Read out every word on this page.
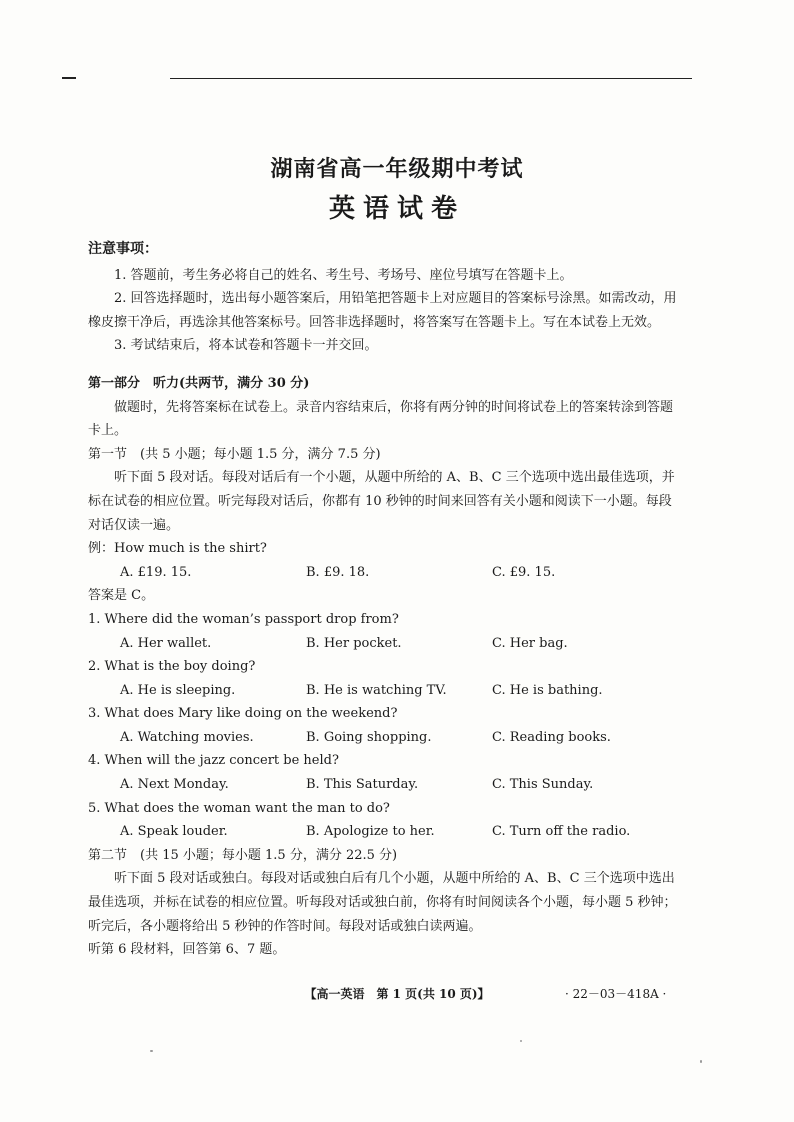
湖南省高一年级期中考试
英语试卷

注意事项：

1. 答题前，考生务必将自己的姓名、考生号、考场号、座位号填写在答题卡上。

2. 回答选择题时，选出每小题答案后，用铅笔把答题卡上对应题目的答案标号涂黑。如需改动，用橡皮擦干净后，再选涂其他答案标号。回答非选择题时，将答案写在答题卡上。写在本试卷上无效。

3. 考试结束后，将本试卷和答题卡一并交回。

第一部分　听力(共两节，满分 30 分)

做题时，先将答案标在试卷上。录音内容结束后，你将有两分钟的时间将试卷上的答案转涂到答题卡上。

第一节　(共 5 小题；每小题 1.5 分，满分 7.5 分)

听下面 5 段对话。每段对话后有一个小题，从题中所给的 A、B、C 三个选项中选出最佳选项，并标在试卷的相应位置。听完每段对话后，你都有 10 秒钟的时间来回答有关小题和阅读下一小题。每段对话仅读一遍。

例：How much is the shirt?

A. £19. 15.	B. £9. 18.	C. £9. 15.

答案是 C。

1. Where did the woman’s passport drop from?

A. Her wallet.	B. Her pocket.	C. Her bag.

2. What is the boy doing?

A. He is sleeping.	B. He is watching TV.	C. He is bathing.

3. What does Mary like doing on the weekend?

A. Watching movies.	B. Going shopping.	C. Reading books.

4. When will the jazz concert be held?

A. Next Monday.	B. This Saturday.	C. This Sunday.

5. What does the woman want the man to do?

A. Speak louder.	B. Apologize to her.	C. Turn off the radio.

第二节　(共 15 小题；每小题 1.5 分，满分 22.5 分)

听下面 5 段对话或独白。每段对话或独白后有几个小题，从题中所给的 A、B、C 三个选项中选出最佳选项，并标在试卷的相应位置。听每段对话或独白前，你将有时间阅读各个小题，每小题 5 秒钟；听完后，各小题将给出 5 秒钟的作答时间。每段对话或独白读两遍。

听第 6 段材料，回答第 6、7 题。

【高一英语　第 1 页(共 10 页)】	· 22－03－418A ·
